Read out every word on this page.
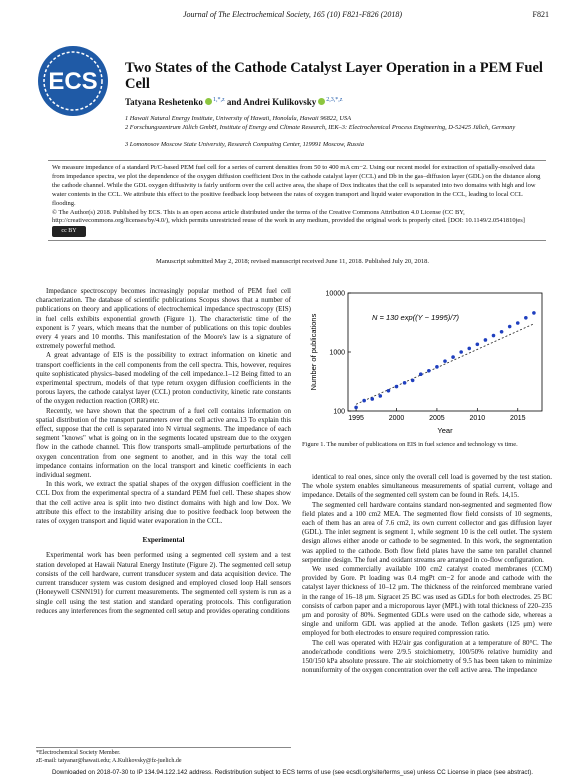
Journal of The Electrochemical Society, 165 (10) F821-F826 (2018)	F821
ECS Two States of the Cathode Catalyst Layer Operation in a PEM Fuel Cell
Tatyana Reshetenko $^{1,*,z}$ and Andrei Kulikovsky $^{2,3,*,z}$
1 Hawaii Natural Energy Institute, University of Hawaii, Honolulu, Hawaii 96822, USA
2 Forschungszentrum Jülich GmbH, Institute of Energy and Climate Research, IEK–3: Electrochemical Process Engineering, D-52425 Jülich, Germany
3 Lomonosov Moscow State University, Research Computing Center, 119991 Moscow, Russia
We measure impedance of a standard Pt/C-based PEM fuel cell for a series of current densities from 50 to 400 mA cm−2. Using our recent model for extraction of spatially-resolved data from impedance spectra, we plot the dependence of the oxygen diffusion coefficient Dox in the cathode catalyst layer (CCL) and Db in the gas–diffusion layer (GDL) on the distance along the cathode channel. While the GDL oxygen diffusivity is fairly uniform over the cell active area, the shape of Dox indicates that the cell is separated into two domains with high and low water contents in the CCL. We attribute this effect to the positive feedback loop between the rates of oxygen transport and liquid water evaporation in the CCL, leading to local CCL flooding.
© The Author(s) 2018. Published by ECS. This is an open access article distributed under the terms of the Creative Commons Attribution 4.0 License (CC BY, http://creativecommons.org/licenses/by/4.0/), which permits unrestricted reuse of the work in any medium, provided the original work is properly cited. [DOI: 10.1149/2.0541810jes] cc BY
Manuscript submitted May 2, 2018; revised manuscript received June 11, 2018. Published July 20, 2018.

Impedance spectroscopy becomes increasingly popular method of PEM fuel cell characterization. The database of scientific publications Scopus shows that a number of publications on theory and applications of electrochemical impedance spectroscopy (EIS) in fuel cells exhibits exponential growth (Figure 1). The characteristic time of the exponent is 7 years, which means that the number of publications on this topic doubles every 4 years and 10 months. This manifestation of the Moore's law is a signature of extremely powerful method.

A great advantage of EIS is the possibility to extract information on kinetic and transport coefficients in the cell components from the cell spectra. This, however, requires quite sophisticated physics–based modeling of the cell impedance.1–12 Being fitted to an experimental spectrum, models of that type return oxygen diffusion coefficients in the porous layers, the cathode catalyst layer (CCL) proton conductivity, kinetic rate constants of the oxygen reduction reaction (ORR) etc.

Recently, we have shown that the spectrum of a fuel cell contains information on spatial distribution of the transport parameters over the cell active area.13 To explain this effect, suppose that the cell is separated into N virtual segments. The impedance of each segment "knows" what is going on in the segments located upstream due to the oxygen flow in the cathode channel. This flow transports small–amplitude perturbations of the oxygen concentration from one segment to another, and in this way the total cell impedance contains information on the local transport and kinetic coefficients in each individual segment.

In this work, we extract the spatial shapes of the oxygen diffusion coefficient in the CCL Dox from the experimental spectra of a standard PEM fuel cell. These shapes show that the cell active area is split into two distinct domains with high and low Dox. We attribute this effect to the instability arising due to positive feedback loop between the rates of oxygen transport and liquid water evaporation in the CCL.

Experimental

Experimental work has been performed using a segmented cell system and a test station developed at Hawaii Natural Energy Institute (Figure 2). The segmented cell setup consists of the cell hardware, current transducer system and data acquisition device. The current transducer system was custom designed and employed closed loop Hall sensors (Honeywell CSNN191) for current measurements. The segmented cell system is run as a single cell using the test station and standard operating protocols. This configuration reduces any interferences from the segmented cell setup and provides operating conditions

*Electrochemical Society Member.
zE-mail: tatyanar@hawaii.edu; A.Kulikovsky@fz-juelich.de
1995	2000	2005	2010	2015
100
1000
10000
Year
Number of publications	N = 130 exp((Y − 1995)/7)
Figure 1. The number of publications on EIS in fuel science and technology vs time.

identical to real ones, since only the overall cell load is governed by the test station. The whole system enables simultaneous measurements of spatial current, voltage and impedance. Details of the segmented cell system can be found in Refs. 14,15.

The segmented cell hardware contains standard non-segmented and segmented flow field plates and a 100 cm2 MEA. The segmented flow field consists of 10 segments, each of them has an area of 7.6 cm2, its own current collector and gas diffusion layer (GDL). The inlet segment is segment 1, while segment 10 is the cell outlet. The system design allows either anode or cathode to be segmented. In this work, the segmentation was applied to the cathode. Both flow field plates have the same ten parallel channel serpentine design. The fuel and oxidant streams are arranged in co-flow configuration.

We used commercially available 100 cm2 catalyst coated membranes (CCM) provided by Gore. Pt loading was 0.4 mgPt cm−2 for anode and cathode with the catalyst layer thickness of 10–12 μm. The thickness of the reinforced membrane varied in the range of 16–18 μm. Sigracet 25 BC was used as GDLs for both electrodes. 25 BC consists of carbon paper and a microporous layer (MPL) with total thickness of 220–235 μm and porosity of 80%. Segmented GDLs were used on the cathode side, whereas a single and uniform GDL was applied at the anode. Teflon gaskets (125 μm) were employed for both electrodes to ensure required compression ratio.

The cell was operated with H2/air gas configuration at a temperature of 80°C. The anode/cathode conditions were 2/9.5 stoichiometry, 100/50% relative humidity and 150/150 kPa absolute pressure. The air stoichiometry of 9.5 has been taken to minimize nonuniformity of the oxygen concentration over the cell active area. The impedance

Downloaded on 2018-07-30 to IP 134.94.122.142 address. Redistribution subject to ECS terms of use (see ecsdl.org/site/terms_use) unless CC License in place (see abstract).
